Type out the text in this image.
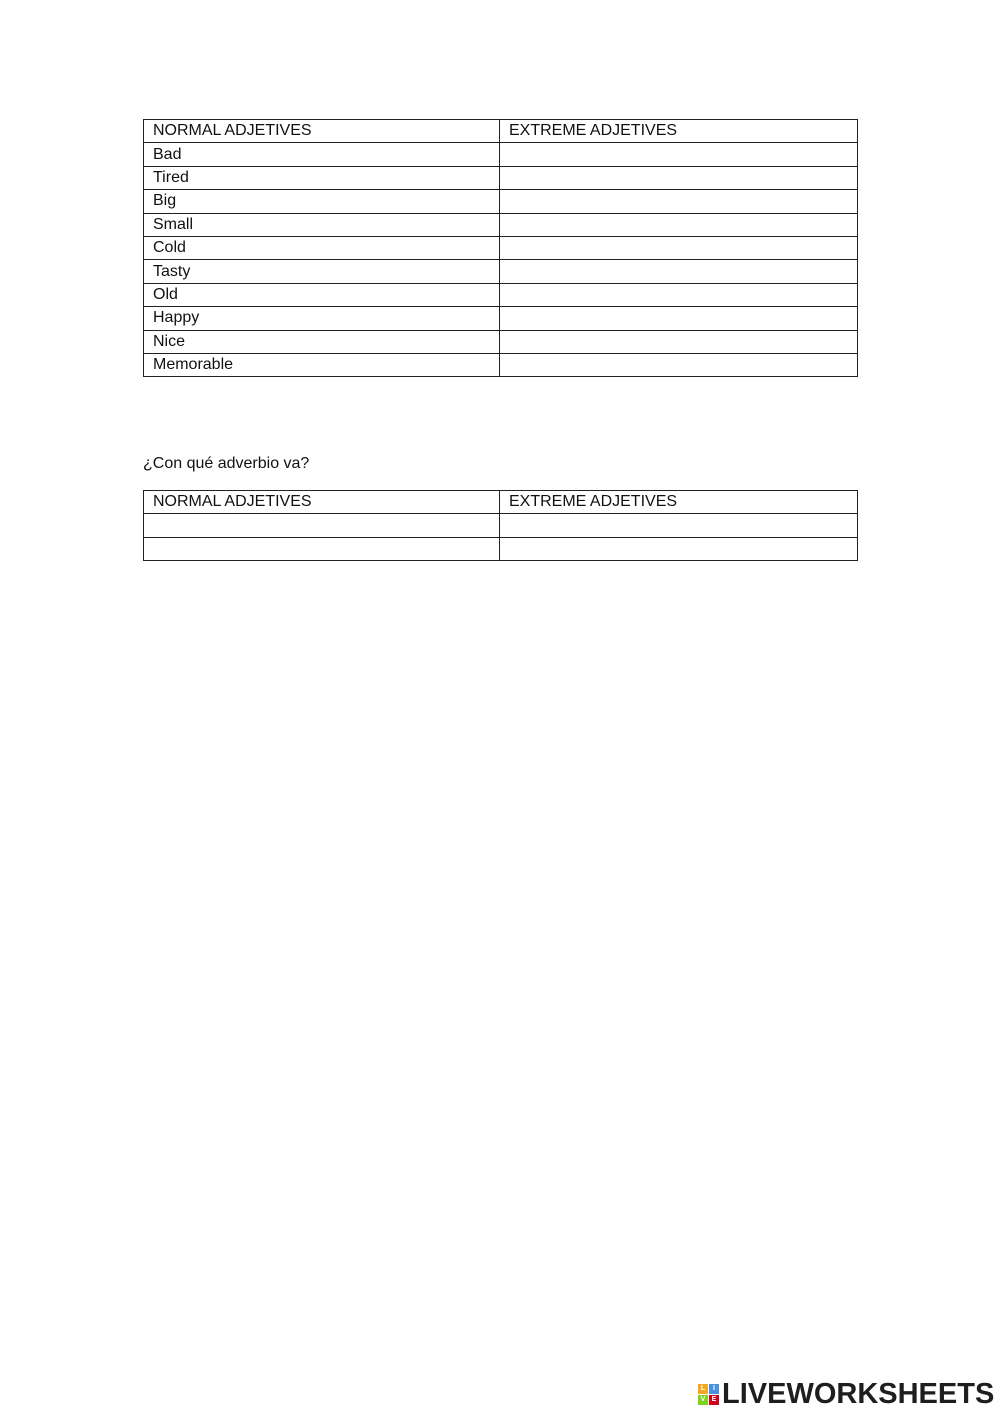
NORMAL ADJETIVES	EXTREME ADJETIVES
Bad	
Tired	
Big	
Small	
Cold	
Tasty	
Old	
Happy	
Nice	
Memorable	
¿Con qué adverbio va?
NORMAL ADJETIVES	EXTREME ADJETIVES

L	I
V E LIVEWORKSHEETS
